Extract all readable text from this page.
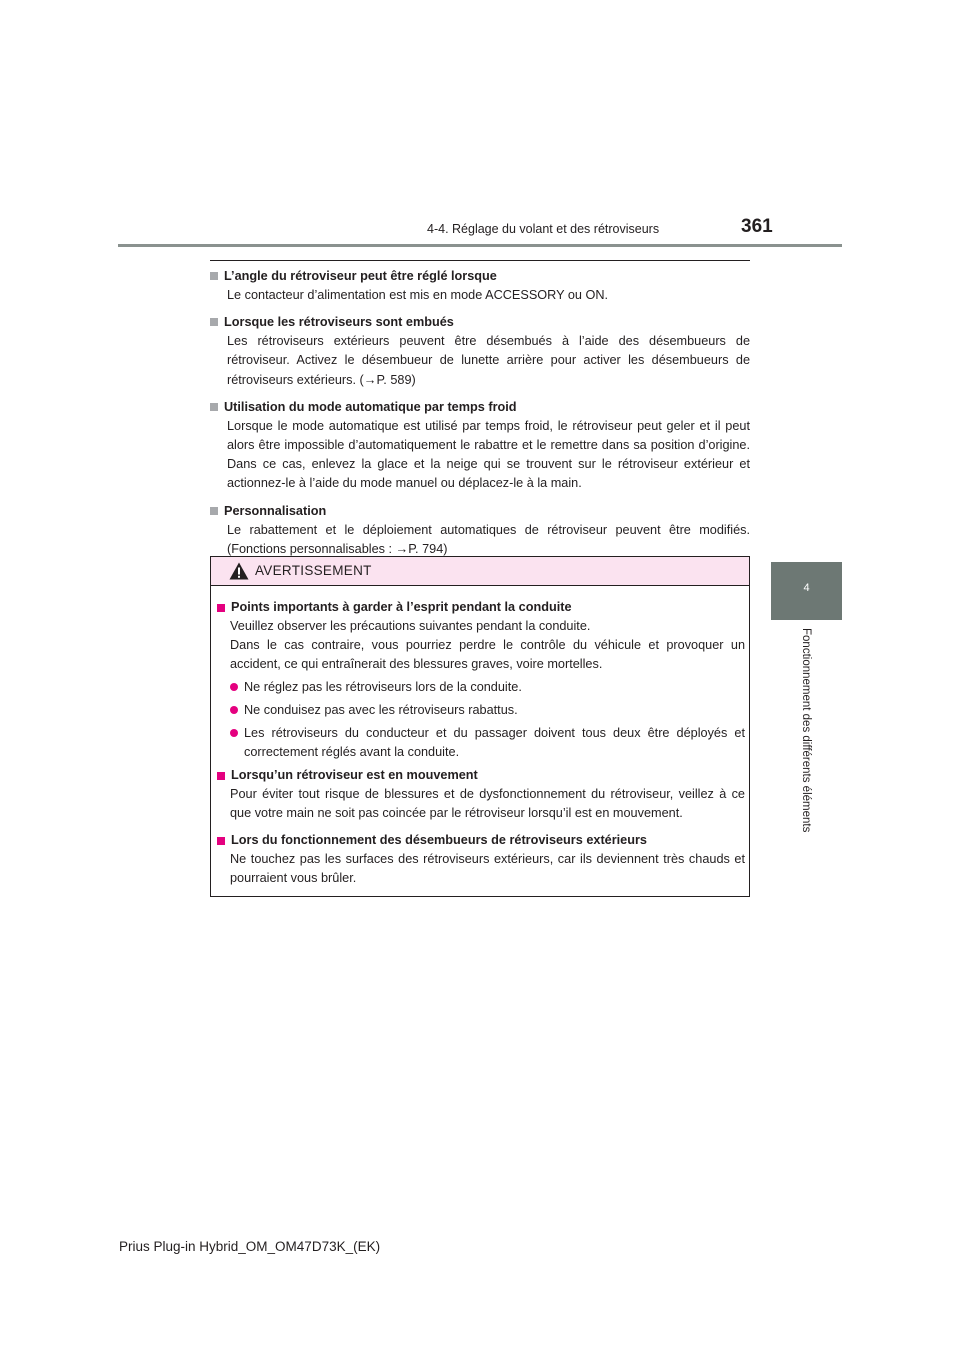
4-4. Réglage du volant et des rétroviseurs	361
4
Fonctionnement des différents éléments
L’angle du rétroviseur peut être réglé lorsque
Le contacteur d’alimentation est mis en mode ACCESSORY ou ON.
Lorsque les rétroviseurs sont embués
Les rétroviseurs extérieurs peuvent être désembués à l’aide des désembueurs de rétroviseur. Activez le désembueur de lunette arrière pour activer les désembueurs de rétroviseurs extérieurs. (→P. 589)
Utilisation du mode automatique par temps froid
Lorsque le mode automatique est utilisé par temps froid, le rétroviseur peut geler et il peut alors être impossible d’automatiquement le rabattre et le remettre dans sa position d’origine. Dans ce cas, enlevez la glace et la neige qui se trouvent sur le rétroviseur extérieur et actionnez-le à l’aide du mode manuel ou déplacez-le à la main.
Personnalisation
Le rabattement et le déploiement automatiques de rétroviseur peuvent être modifiés. (Fonctions personnalisables : →P. 794)
AVERTISSEMENT
Points importants à garder à l’esprit pendant la conduite
Veuillez observer les précautions suivantes pendant la conduite.
Dans le cas contraire, vous pourriez perdre le contrôle du véhicule et provoquer un accident, ce qui entraînerait des blessures graves, voire mortelles.
Ne réglez pas les rétroviseurs lors de la conduite.
Ne conduisez pas avec les rétroviseurs rabattus.
Les rétroviseurs du conducteur et du passager doivent tous deux être déployés et correctement réglés avant la conduite.
Lorsqu’un rétroviseur est en mouvement
Pour éviter tout risque de blessures et de dysfonctionnement du rétroviseur, veillez à ce que votre main ne soit pas coincée par le rétroviseur lorsqu’il est en mouvement.
Lors du fonctionnement des désembueurs de rétroviseurs extérieurs
Ne touchez pas les surfaces des rétroviseurs extérieurs, car ils deviennent très chauds et pourraient vous brûler.
Prius Plug-in Hybrid_OM_OM47D73K_(EK)
